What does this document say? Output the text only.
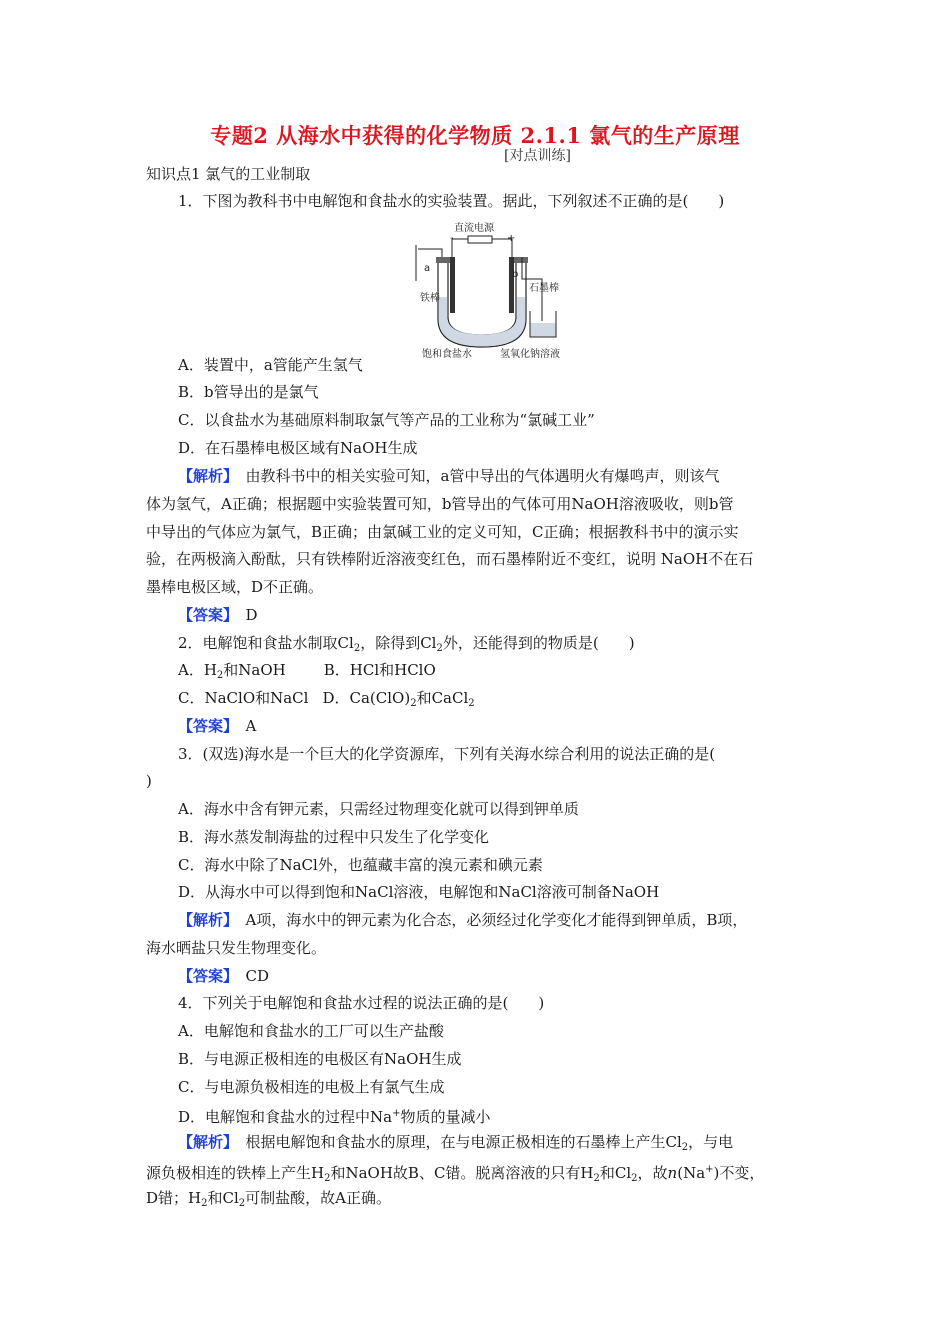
专题2 从海水中获得的化学物质 2.1.1 氯气的生产原理
[对点训练]
知识点1 氯气的工业制取
1．下图为教科书中电解饱和食盐水的实验装置。据此，下列叙述不正确的是(　　)
直流电源
-	+
a
b
铁棒
石墨棒
饱和食盐水	氢氧化钠溶液
A．装置中，a管能产生氢气
B．b管导出的是氯气
C．以食盐水为基础原料制取氯气等产品的工业称为“氯碱工业”
D．在石墨棒电极区域有NaOH生成
【解析】　由教科书中的相关实验可知，a管中导出的气体遇明火有爆鸣声，则该气
体为氢气，A正确；根据题中实验装置可知，b管导出的气体可用NaOH溶液吸收，则b管
中导出的气体应为氯气，B正确；由氯碱工业的定义可知，C正确；根据教科书中的演示实
验，在两极滴入酚酞，只有铁棒附近溶液变红色，而石墨棒附近不变红，说明 NaOH不在石
墨棒电极区域，D不正确。
【答案】　D
2．电解饱和食盐水制取$Cl_2$，除得到$Cl_2$外，还能得到的物质是(　　)
A．$H_2$和NaOH	B．HCl和HClO
C．NaClO和NaCl D．$Ca(ClO)_2$和CaCl$_2$
【答案】　A
3．(双选)海水是一个巨大的化学资源库，下列有关海水综合利用的说法正确的是(
)
A．海水中含有钾元素，只需经过物理变化就可以得到钾单质
B．海水蒸发制海盐的过程中只发生了化学变化
C．海水中除了NaCl外，也蕴藏丰富的溴元素和碘元素
D．从海水中可以得到饱和NaCl溶液，电解饱和NaCl溶液可制备NaOH
【解析】　A项，海水中的钾元素为化合态，必须经过化学变化才能得到钾单质，B项，
海水晒盐只发生物理变化。
【答案】　CD
4．下列关于电解饱和食盐水过程的说法正确的是(　　)
A．电解饱和食盐水的工厂可以生产盐酸
B．与电源正极相连的电极区有NaOH生成
C．与电源负极相连的电极上有氯气生成
D．电解饱和食盐水的过程中Na+物质的量减小
【解析】　根据电解饱和食盐水的原理，在与电源正极相连的石墨棒上产生$Cl_2$，与电
源负极相连的铁棒上产生$H_2$和NaOH故B、C错。脱离溶液的只有$H_2$和$Cl_2$，故n(Na+)不变，
D错；$H_2$和$Cl_2$可制盐酸，故A正确。
